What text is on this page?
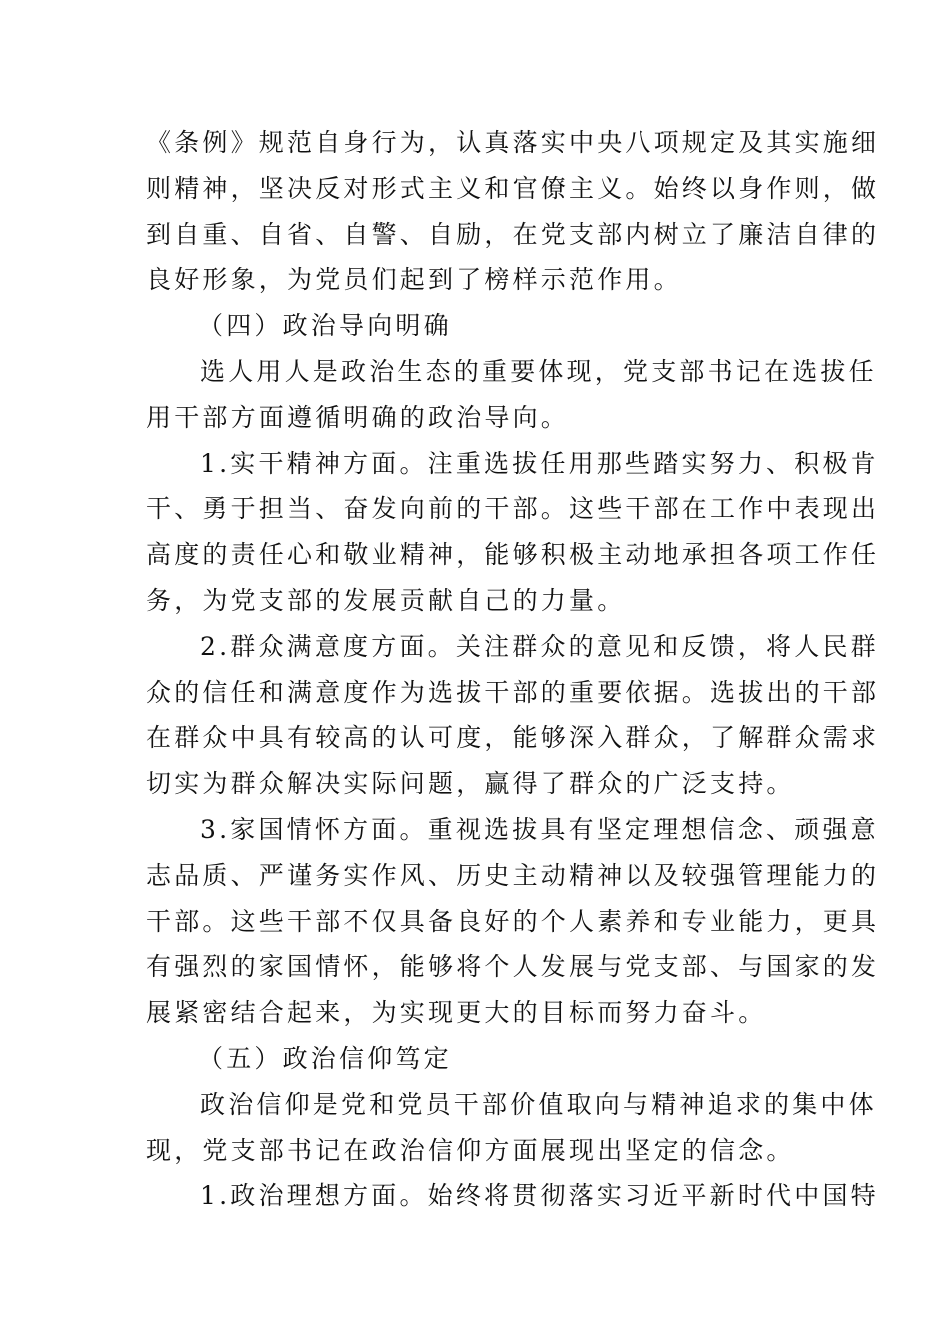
《条例》规范自身行为，认真落实中央八项规定及其实施细
则精神，坚决反对形式主义和官僚主义。始终以身作则，做
到自重、自省、自警、自励，在党支部内树立了廉洁自律的
良好形象，为党员们起到了榜样示范作用。
（四）政治导向明确
选人用人是政治生态的重要体现，党支部书记在选拔任
用干部方面遵循明确的政治导向。
1.实干精神方面。注重选拔任用那些踏实努力、积极肯
干、勇于担当、奋发向前的干部。这些干部在工作中表现出
高度的责任心和敬业精神，能够积极主动地承担各项工作任
务，为党支部的发展贡献自己的力量。
2.群众满意度方面。关注群众的意见和反馈，将人民群
众的信任和满意度作为选拔干部的重要依据。选拔出的干部
在群众中具有较高的认可度，能够深入群众，了解群众需求
切实为群众解决实际问题，赢得了群众的广泛支持。
3.家国情怀方面。重视选拔具有坚定理想信念、顽强意
志品质、严谨务实作风、历史主动精神以及较强管理能力的
干部。这些干部不仅具备良好的个人素养和专业能力，更具
有强烈的家国情怀，能够将个人发展与党支部、与国家的发
展紧密结合起来，为实现更大的目标而努力奋斗。
（五）政治信仰笃定
政治信仰是党和党员干部价值取向与精神追求的集中体
现，党支部书记在政治信仰方面展现出坚定的信念。
1.政治理想方面。始终将贯彻落实习近平新时代中国特
